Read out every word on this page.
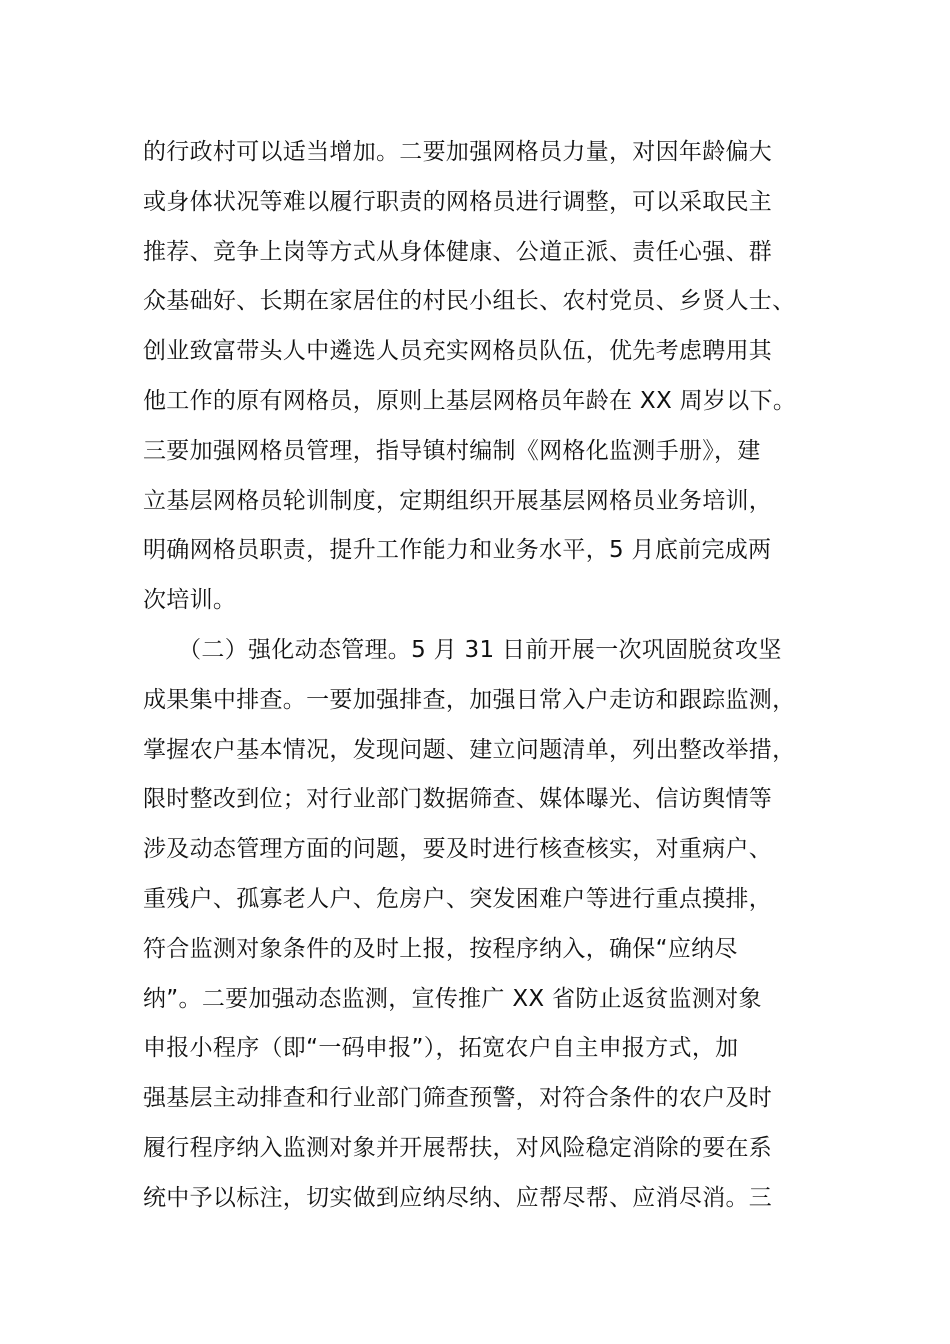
的行政村可以适当增加。二要加强网格员力量，对因年龄偏大
或身体状况等难以履行职责的网格员进行调整，可以采取民主
推荐、竞争上岗等方式从身体健康、公道正派、责任心强、群
众基础好、长期在家居住的村民小组长、农村党员、乡贤人士、
创业致富带头人中遴选人员充实网格员队伍，优先考虑聘用其
他工作的原有网格员，原则上基层网格员年龄在 XX 周岁以下。
三要加强网格员管理，指导镇村编制《网格化监测手册》，建
立基层网格员轮训制度，定期组织开展基层网格员业务培训，
明确网格员职责，提升工作能力和业务水平，5 月底前完成两
次培训。
　　（二）强化动态管理。5 月 31 日前开展一次巩固脱贫攻坚
成果集中排查。一要加强排查，加强日常入户走访和跟踪监测，
掌握农户基本情况，发现问题、建立问题清单，列出整改举措，
限时整改到位；对行业部门数据筛查、媒体曝光、信访舆情等
涉及动态管理方面的问题，要及时进行核查核实，对重病户、
重残户、孤寡老人户、危房户、突发困难户等进行重点摸排，
符合监测对象条件的及时上报，按程序纳入，确保“应纳尽
纳”。二要加强动态监测，宣传推广 XX 省防止返贫监测对象
申报小程序（即“一码申报”），拓宽农户自主申报方式，加
强基层主动排查和行业部门筛查预警，对符合条件的农户及时
履行程序纳入监测对象并开展帮扶，对风险稳定消除的要在系
统中予以标注，切实做到应纳尽纳、应帮尽帮、应消尽消。三
